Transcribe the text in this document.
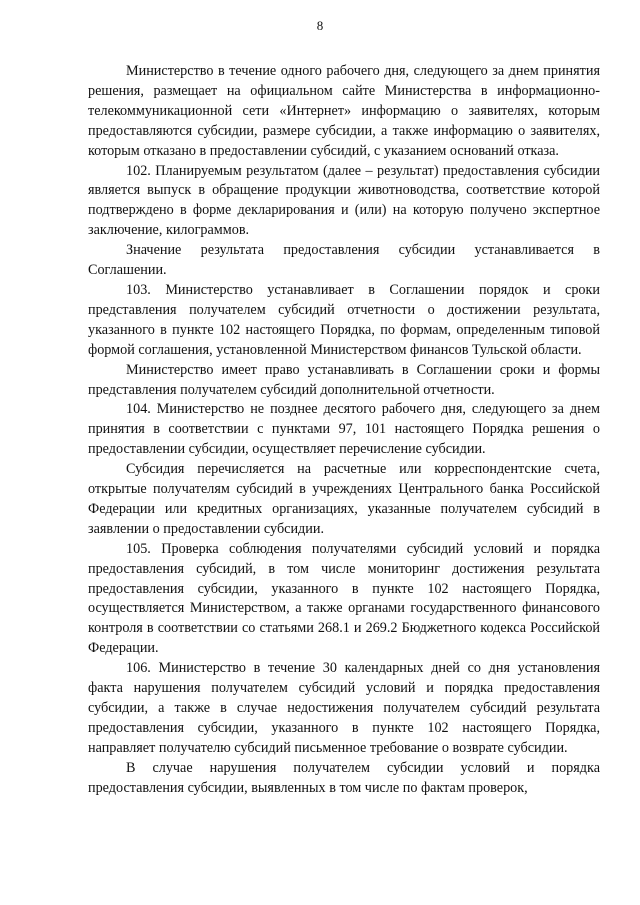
8

Министерство в течение одного рабочего дня, следующего за днем принятия решения, размещает на официальном сайте Министерства в информационно-телекоммуникационной сети «Интернет» информацию о заявителях, которым предоставляются субсидии, размере субсидии, а также информацию о заявителях, которым отказано в предоставлении субсидий, с указанием оснований отказа.

102. Планируемым результатом (далее – результат) предоставления субсидии является выпуск в обращение продукции животноводства, соответствие которой подтверждено в форме декларирования и (или) на которую получено экспертное заключение, килограммов.

Значение результата предоставления субсидии устанавливается в Соглашении.

103. Министерство устанавливает в Соглашении порядок и сроки представления получателем субсидий отчетности о достижении результата, указанного в пункте 102 настоящего Порядка, по формам, определенным типовой формой соглашения, установленной Министерством финансов Тульской области.

Министерство имеет право устанавливать в Соглашении сроки и формы представления получателем субсидий дополнительной отчетности.

104. Министерство не позднее десятого рабочего дня, следующего за днем принятия в соответствии с пунктами 97, 101 настоящего Порядка решения о предоставлении субсидии, осуществляет перечисление субсидии.

Субсидия перечисляется на расчетные или корреспондентские счета, открытые получателям субсидий в учреждениях Центрального банка Российской Федерации или кредитных организациях, указанные получателем субсидий в заявлении о предоставлении субсидии.

105. Проверка соблюдения получателями субсидий условий и порядка предоставления субсидий, в том числе мониторинг достижения результата предоставления субсидии, указанного в пункте 102 настоящего Порядка, осуществляется Министерством, а также органами государственного финансового контроля в соответствии со статьями 268.1 и 269.2 Бюджетного кодекса Российской Федерации.

106. Министерство в течение 30 календарных дней со дня установления факта нарушения получателем субсидий условий и порядка предоставления субсидии, а также в случае недостижения получателем субсидий результата предоставления субсидии, указанного в пункте 102 настоящего Порядка, направляет получателю субсидий письменное требование о возврате субсидии.

В случае нарушения получателем субсидии условий и порядка предоставления субсидии, выявленных в том числе по фактам проверок,
